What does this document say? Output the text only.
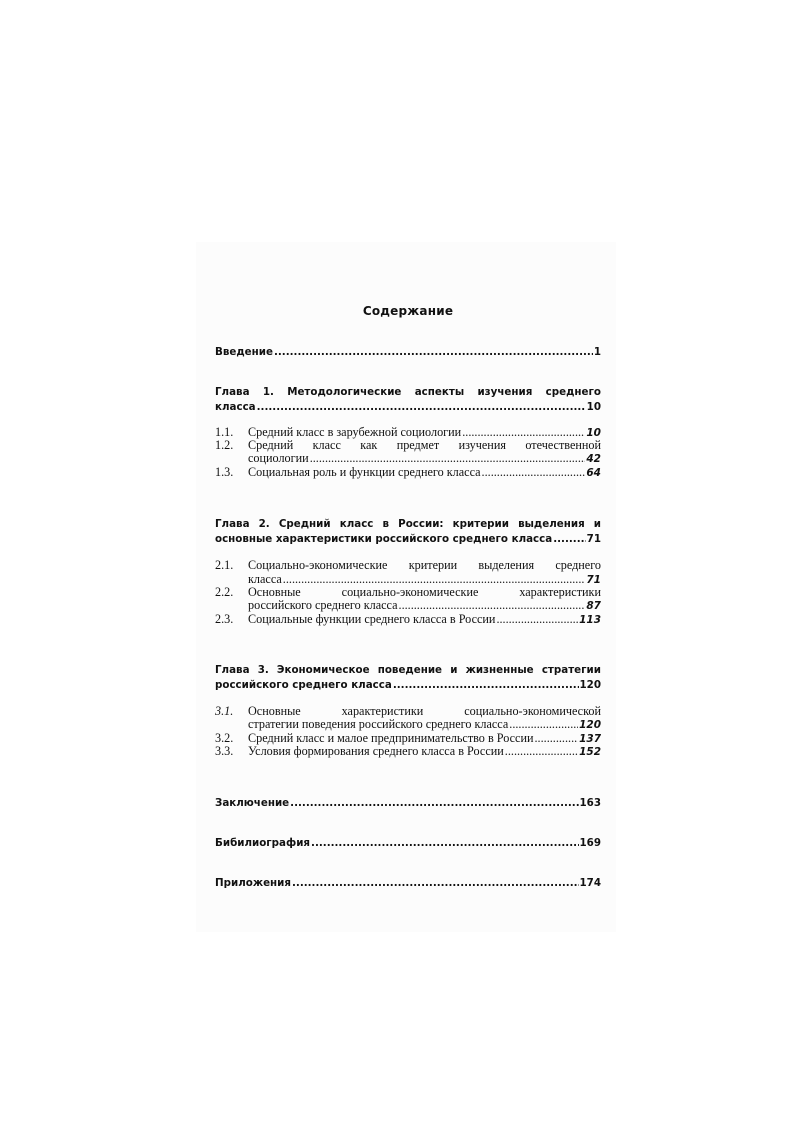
Содержание
Введение .....	1
Глава 1. Методологические аспекты изучения среднего
класса .....	10
1.1.	Средний класс в зарубежной социологии .....	10
1.2.	Средний класс как предмет изучения отечественной
социологии .....	42
1.3.	Социальная роль и функции среднего класса .....	64
Глава 2. Средний класс в России: критерии выделения и
основные характеристики российского среднего класса .....	71
2.1.	Социально-экономические критерии выделения среднего
класса .....	71
2.2.	Основные	социально-экономические	характеристики
российского среднего класса .....	87
2.3.	Социальные функции среднего класса в России .....	113
Глава 3. Экономическое поведение и жизненные стратегии
российского среднего класса .....	120
3.1.	Основные	характеристики	социально-экономической
стратегии поведения российского среднего класса .....	120
3.2.	Средний класс и малое предпринимательство в России .....	137
3.3.	Условия формирования среднего класса в России .....	152
Заключение .....	163
Бибилиография .....	169
Приложения .....	174
